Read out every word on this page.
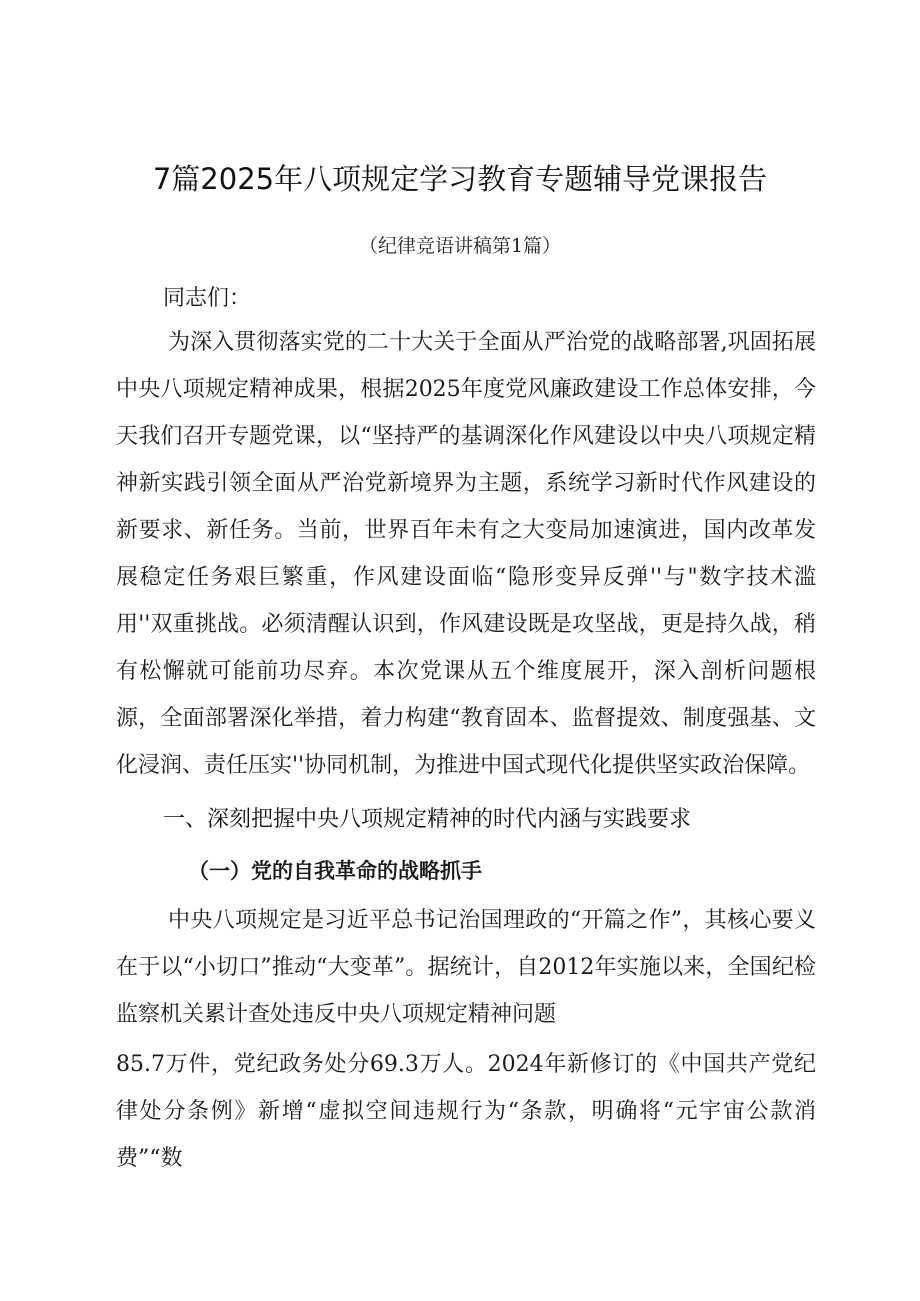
7篇2025年八项规定学习教育专题辅导党课报告
（纪律竞语讲稿第1篇）

同志们：

为深入贯彻落实党的二十大关于全面从严治党的战略部署,巩固拓展中央八项规定精神成果，根据2025年度党风廉政建设工作总体安排，今天我们召开专题党课，以“坚持严的基调深化作风建设以中央八项规定精神新实践引领全面从严治党新境界为主题，系统学习新时代作风建设的新要求、新任务。当前，世界百年未有之大变局加速演进，国内改革发展稳定任务艰巨繁重，作风建设面临“隐形变异反弹''与"数字技术滥用''双重挑战。必须清醒认识到，作风建设既是攻坚战，更是持久战，稍有松懈就可能前功尽弃。本次党课从五个维度展开，深入剖析问题根源，全面部署深化举措，着力构建“教育固本、监督提效、制度强基、文化浸润、责任压实''协同机制，为推进中国式现代化提供坚实政治保障。

一、深刻把握中央八项规定精神的时代内涵与实践要求
（一）党的自我革命的战略抓手

中央八项规定是习近平总书记治国理政的“开篇之作”，其核心要义在于以“小切口”推动“大变革”。据统计，自2012年实施以来，全国纪检监察机关累计查处违反中央八项规定精神问题

85.7万件，党纪政务处分69.3万人。2024年新修订的《中国共产党纪律处分条例》新增“虚拟空间违规行为“条款，明确将“元宇宙公款消费”“数
